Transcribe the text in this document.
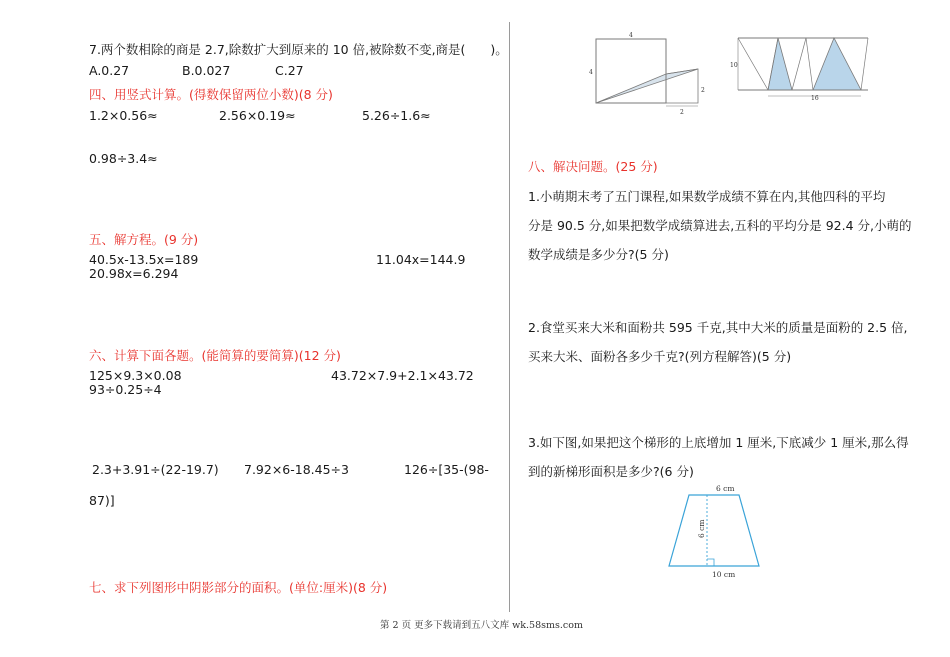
7.两个数相除的商是 2.7,除数扩大到原来的 10 倍,被除数不变,商是(　　)。
A.0.27	B.0.027	C.27
四、用竖式计算。(得数保留两位小数)(8 分)
1.2×0.56≈	2.56×0.19≈	5.26÷1.6≈
0.98÷3.4≈
五、解方程。(9 分)
40.5x-13.5x=189	11.04x=144.9
20.98x=6.294
六、计算下面各题。(能简算的要简算)(12 分)
125×9.3×0.08	43.72×7.9+2.1×43.72
93÷0.25÷4
2.3+3.91÷(22-19.7) 7.92×6-18.45÷3	126÷[35-(98-
87)]
七、求下列图形中阴影部分的面积。(单位:厘米)(8 分)
4
4
2
2
10
16
八、解决问题。(25 分)
1.小萌期末考了五门课程,如果数学成绩不算在内,其他四科的平均
分是 90.5 分,如果把数学成绩算进去,五科的平均分是 92.4 分,小萌的
数学成绩是多少分?(5 分)
2.食堂买来大米和面粉共 595 千克,其中大米的质量是面粉的 2.5 倍,
买来大米、面粉各多少千克?(列方程解答)(5 分)
3.如下图,如果把这个梯形的上底增加 1 厘米,下底减少 1 厘米,那么得
到的新梯形面积是多少?(6 分)
6 cm
6 cm
10 cm
第 2 页 更多下载请到五八文库 wk.58sms.com
